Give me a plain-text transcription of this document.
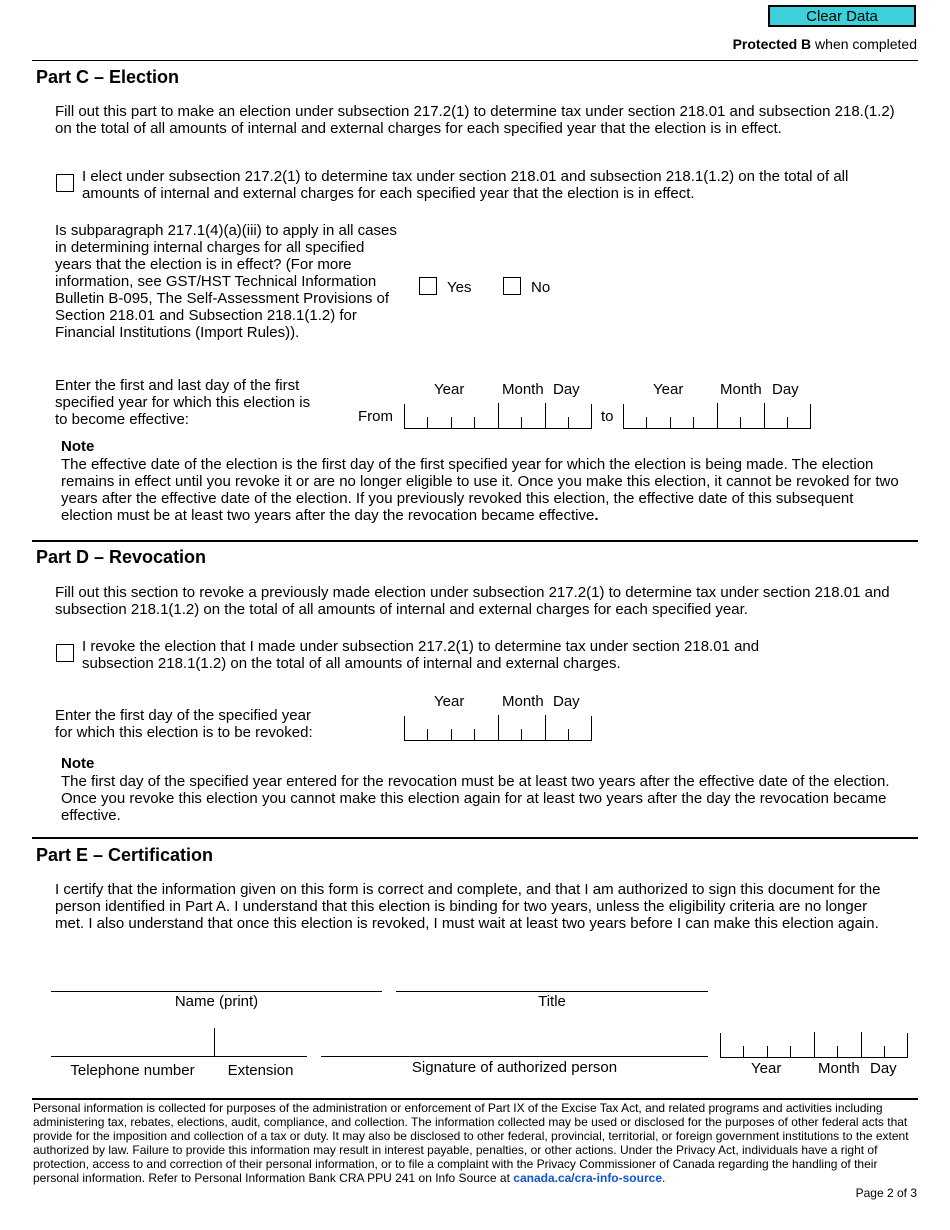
Clear Data
Protected B when completed
Part C – Election
Fill out this part to make an election under subsection 217.2(1) to determine tax under section 218.01 and subsection 218.(1.2) on the total of all amounts of internal and external charges for each specified year that the election is in effect.
I elect under subsection 217.2(1) to determine tax under section 218.01 and subsection 218.1(1.2) on the total of all amounts of internal and external charges for each specified year that the election is in effect.
Is subparagraph 217.1(4)(a)(iii) to apply in all cases in determining internal charges for all specified years that the election is in effect? (For more information, see GST/HST Technical Information Bulletin B-095, The Self-Assessment Provisions of Section 218.01 and Subsection 218.1(1.2) for Financial Institutions (Import Rules)).
Yes	No
Enter the first and last day of the first specified year for which this election is to become effective:
Year	Month Day	Year Month Day
From	to
Note
The effective date of the election is the first day of the first specified year for which the election is being made. The election remains in effect until you revoke it or are no longer eligible to use it. Once you make this election, it cannot be revoked for two years after the effective date of the election. If you previously revoked this election, the effective date of this subsequent election must be at least two years after the day the revocation became effective.
Part D – Revocation
Fill out this section to revoke a previously made election under subsection 217.2(1) to determine tax under section 218.01 and subsection 218.1(1.2) on the total of all amounts of internal and external charges for each specified year.
I revoke the election that I made under subsection 217.2(1) to determine tax under section 218.01 and subsection 218.1(1.2) on the total of all amounts of internal and external charges.
Year	Month Day
Enter the first day of the specified year for which this election is to be revoked:
Note
The first day of the specified year entered for the revocation must be at least two years after the effective date of the election. Once you revoke this election you cannot make this election again for at least two years after the day the revocation became effective.
Part E – Certification
I certify that the information given on this form is correct and complete, and that I am authorized to sign this document for the person identified in Part A. I understand that this election is binding for two years, unless the eligibility criteria are no longer met. I also understand that once this election is revoked, I must wait at least two years before I can make this election again.
Name (print)	Title
Telephone number	Extension	Signature of authorized person	Year Month Day
Personal information is collected for purposes of the administration or enforcement of Part IX of the Excise Tax Act, and related programs and activities including administering tax, rebates, elections, audit, compliance, and collection. The information collected may be used or disclosed for the purposes of other federal acts that provide for the imposition and collection of a tax or duty. It may also be disclosed to other federal, provincial, territorial, or foreign government institutions to the extent authorized by law. Failure to provide this information may result in interest payable, penalties, or other actions. Under the Privacy Act, individuals have a right of protection, access to and correction of their personal information, or to file a complaint with the Privacy Commissioner of Canada regarding the handling of their personal information. Refer to Personal Information Bank CRA PPU 241 on Info Source at canada.ca/cra-info-source.
Page 2 of 3
